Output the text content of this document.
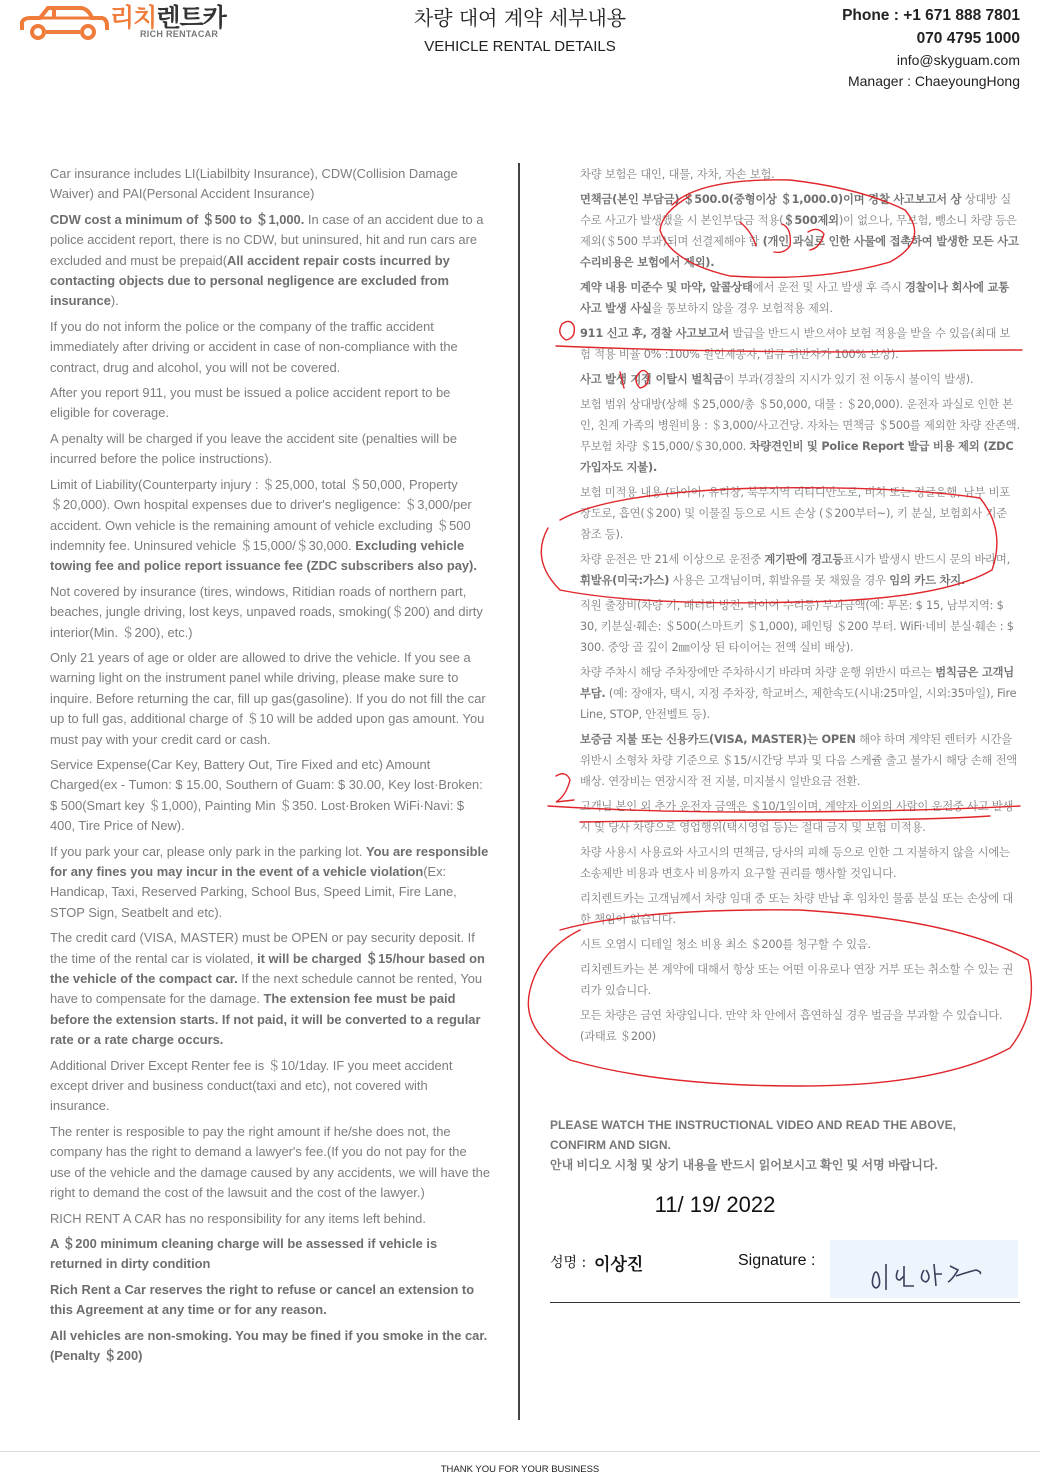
리치렌트카
RICH RENTACAR
차량 대여 계약 세부내용
VEHICLE RENTAL DETAILS
Phone : +1 671 888 7801
070 4795 1000
info@skyguam.com
Manager : ChaeyoungHong

Car insurance includes LI(Liabilbity Insurance), CDW(Collision Damage Waiver) and PAI(Personal Accident Insurance)

CDW cost a minimum of ＄500 to ＄1,000. In case of an accident due to a police accident report, there is no CDW, but uninsured, hit and run cars are excluded and must be prepaid(All accident repair costs incurred by contacting objects due to personal negligence are excluded from insurance).

If you do not inform the police or the company of the traffic accident immediately after driving or accident in case of non-compliance with the contract, drug and alcohol, you will not be covered.

After you report 911, you must be issued a police accident report to be eligible for coverage.

A penalty will be charged if you leave the accident site (penalties will be incurred before the police instructions).

Limit of Liability(Counterparty injury : ＄25,000, total ＄50,000, Property ＄20,000). Own hospital expenses due to driver's negligence: ＄3,000/per accident. Own vehicle is the remaining amount of vehicle excluding ＄500 indemnity fee. Uninsured vehicle ＄15,000/＄30,000. Excluding vehicle towing fee and police report issuance fee (ZDC subscribers also pay).

Not covered by insurance (tires, windows, Ritidian roads of northern part, beaches, jungle driving, lost keys, unpaved roads, smoking(＄200) and dirty interior(Min. ＄200), etc.)

Only 21 years of age or older are allowed to drive the vehicle. If you see a warning light on the instrument panel while driving, please make sure to inquire. Before returning the car, fill up gas(gasoline). If you do not fill the car up to full gas, additional charge of ＄10 will be added upon gas amount. You must pay with your credit card or cash.

Service Expense(Car Key, Battery Out, Tire Fixed and etc) Amount Charged(ex - Tumon: $ 15.00, Southern of Guam: $ 30.00, Key lost·Broken: $ 500(Smart key ＄1,000), Painting Min ＄350. Lost·Broken WiFi·Navi: $ 400, Tire Price of New).

If you park your car, please only park in the parking lot. You are responsible for any fines you may incur in the event of a vehicle violation(Ex: Handicap, Taxi, Reserved Parking, School Bus, Speed Limit, Fire Lane, STOP Sign, Seatbelt and etc).

The credit card (VISA, MASTER) must be OPEN or pay security deposit. If the time of the rental car is violated, it will be charged ＄15/hour based on the vehicle of the compact car. If the next schedule cannot be rented, You have to compensate for the damage. The extension fee must be paid before the extension starts. If not paid, it will be converted to a regular rate or a rate charge occurs.

Additional Driver Except Renter fee is ＄10/1day. IF you meet accident except driver and business conduct(taxi and etc), not covered with insurance.

The renter is resposible to pay the right amount if he/she does not, the company has the right to demand a lawyer's fee.(If you do not pay for the use of the vehicle and the damage caused by any accidents, we will have the right to demand the cost of the lawsuit and the cost of the lawyer.)

RICH RENT A CAR has no responsibility for any items left behind.

A ＄200 minimum cleaning charge will be assessed if vehicle is returned in dirty condition

Rich Rent a Car reserves the right to refuse or cancel an extension to this Agreement at any time or for any reason.

All vehicles are non-smoking. You may be fined if you smoke in the car. (Penalty ＄200)

차량 보험은 대인, 대물, 자차, 자손 보험.

면책금(본인 부담금) ＄500.0(중형이상 ＄1,000.0)이며 경찰 사고보고서 상 상대방 실수로 사고가 발생했을 시 본인부담금 적용(＄500제외)이 없으나, 무보험, 뺑소니 차량 등은 제외(＄500 부과)되며 선결제해야 함 (개인 과실로 인한 사물에 접촉하여 발생한 모든 사고 수리비용은 보험에서 제외).

계약 내용 미준수 및 마약, 알콜상태에서 운전 및 사고 발생 후 즉시 경찰이나 회사에 교통 사고 발생 사실을 통보하지 않을 경우 보험적용 제외.

911 신고 후, 경찰 사고보고서 발급을 반드시 받으셔야 보험 적용을 받을 수 있음(최대 보험 적용 비율 0% :100% 원인제공자, 법규 위반자가 100% 보상).

사고 발생 지점 이탈시 벌칙금이 부과(경찰의 지시가 있기 전 이동시 불이익 발생).

보험 범위 상대방(상해 ＄25,000/총 ＄50,000, 대물 : ＄20,000). 운전자 과실로 인한 본인, 친계 가족의 병원비용 : ＄3,000/사고건당. 자차는 면책금 ＄500를 제외한 차량 잔존액. 무보험 차량 ＄15,000/＄30,000. 차량견인비 및 Police Report 발급 비용 제외 (ZDC 가입자도 지불).

보험 미적용 내용 (타이어, 유리창, 북부지역 리티디안도로, 비치 또는 정글운행, 남부 비포장도로, 흡연(＄200) 및 이물질 등으로 시트 손상 (＄200부터~), 키 분실, 보험회사 기준 참조 등).

차량 운전은 만 21세 이상으로 운전중 계기판에 경고등표시가 발생시 반드시 문의 바라며, 휘발유(미국:가스) 사용은 고객님이며, 휘발유를 못 채웠을 경우 임의 카드 차지.

직원 출장비(차량 키, 배터리 방전, 타이어 수리등) 부과금액(예: 투몬: $ 15, 남부지역: $ 30, 키분실·훼손: ＄500(스마트키 ＄1,000), 페인팅 ＄200 부터. WiFi·네비 분실·훼손 : $ 300. 중앙 골 깊이 2㎜이상 된 타이어는 전액 실비 배상).

차량 주차시 해당 주차장에만 주차하시기 바라며 차량 운행 위반시 따르는 범칙금은 고객님 부담. (예: 장애자, 택시, 지정 주차장, 학교버스, 제한속도(시내:25마일, 시외:35마일), Fire Line, STOP, 안전벨트 등).

보증금 지불 또는 신용카드(VISA, MASTER)는 OPEN 해야 하며 계약된 렌터카 시간을 위반시 소형차 차량 기준으로 ＄15/시간당 부과 및 다음 스케쥴 출고 불가시 해당 손해 전액 배상. 연장비는 연장시작 전 지불, 미지불시 일반요금 전환.

고객님 본인 외 추가 운전자 금액은 ＄10/1일이며, 계약자 이외의 사람이 운전중 사고 발생시 및 당사 차량으로 영업행위(택시영업 등)는 절대 금지 및 보험 미적용.

차량 사용시 사용료와 사고시의 면책금, 당사의 피해 등으로 인한 그 지불하지 않을 시에는 소송제반 비용과 변호사 비용까지 요구할 권리를 행사할 것입니다.

리치렌트카는 고객님께서 차량 임대 중 또는 차량 반납 후 임차인 물품 분실 또는 손상에 대한 책임이 없습니다.

시트 오염시 디테일 청소 비용 최소 ＄200를 청구할 수 있음.

리치렌트카는 본 계약에 대해서 항상 또는 어떤 이유로나 연장 거부 또는 취소할 수 있는 권리가 있습니다.

모든 차량은 금연 차량입니다. 만약 차 안에서 흡연하실 경우 벌금을 부과할 수 있습니다. (과태료 ＄200)

PLEASE WATCH THE INSTRUCTIONAL VIDEO AND READ THE ABOVE,
CONFIRM AND SIGN.
안내 비디오 시청 및 상기 내용을 반드시 읽어보시고 확인 및 서명 바랍니다.
11/ 19/ 2022
성명 : 이상진	Signature :
THANK YOU FOR YOUR BUSINESS
